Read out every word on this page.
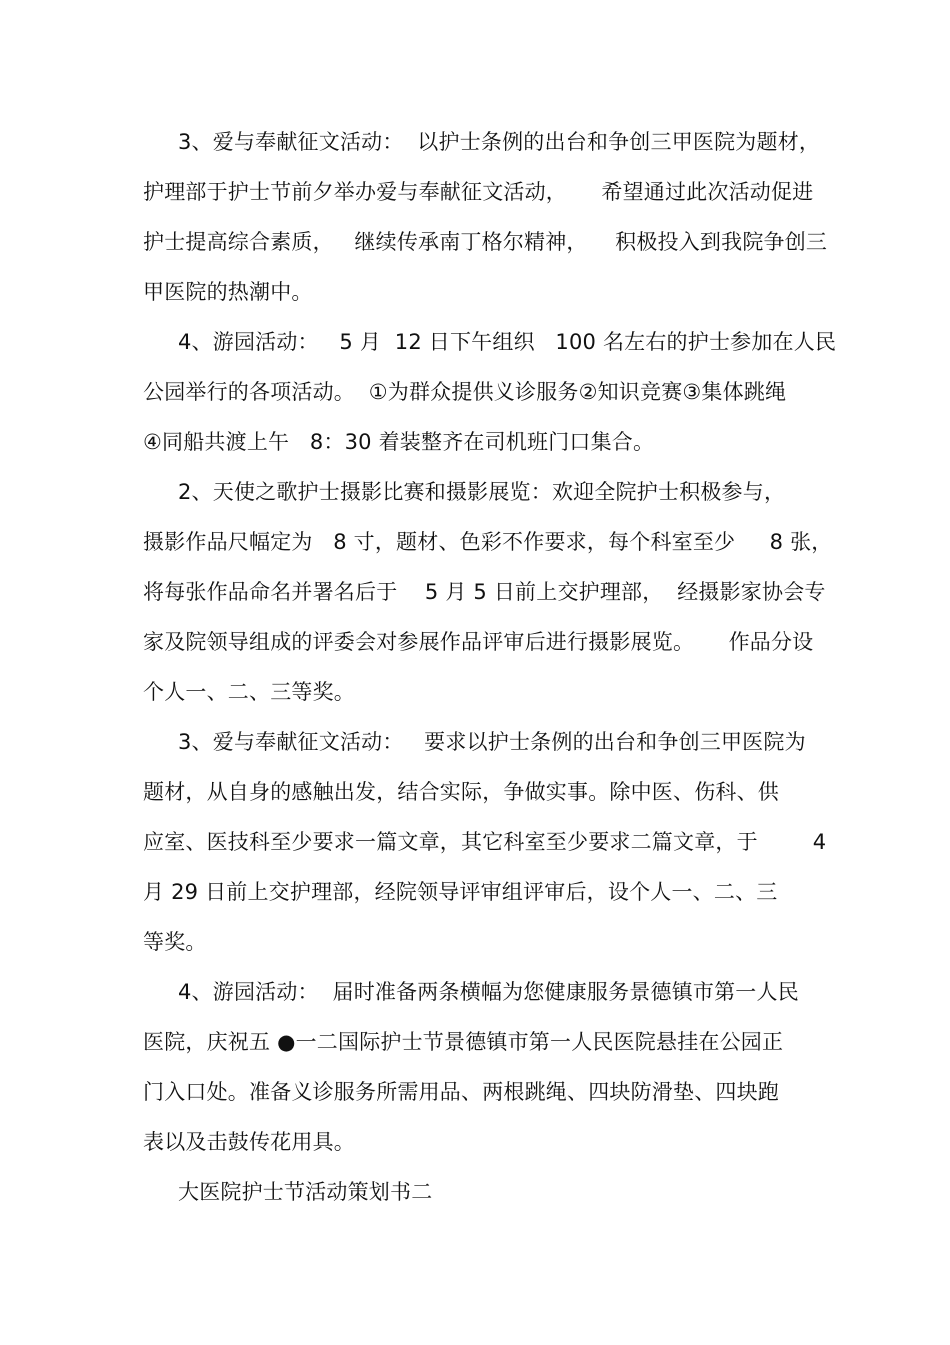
3、爱与奉献征文活动：  以护士条例的出台和争创三甲医院为题材，
护理部于护士节前夕举办爱与奉献征文活动，     希望通过此次活动促进
护士提高综合素质，   继续传承南丁格尔精神，    积极投入到我院争创三
甲医院的热潮中。
4、游园活动：   5 月  12 日下午组织   100 名左右的护士参加在人民
公园举行的各项活动。  ①为群众提供义诊服务②知识竞赛③集体跳绳
④同船共渡上午   8：30 着装整齐在司机班门口集合。
2、天使之歌护士摄影比赛和摄影展览：欢迎全院护士积极参与，
摄影作品尺幅定为   8 寸，题材、色彩不作要求，每个科室至少     8 张，
将每张作品命名并署名后于    5 月 5 日前上交护理部，  经摄影家协会专
家及院领导组成的评委会对参展作品评审后进行摄影展览。     作品分设
个人一、二、三等奖。
3、爱与奉献征文活动：   要求以护士条例的出台和争创三甲医院为
题材，从自身的感触出发，结合实际，争做实事。除中医、伤科、供
应室、医技科至少要求一篇文章，其它科室至少要求二篇文章，于        4
月 29 日前上交护理部，经院领导评审组评审后，设个人一、二、三
等奖。
4、游园活动：  届时准备两条横幅为您健康服务景德镇市第一人民
医院，庆祝五 ●一二国际护士节景德镇市第一人民医院悬挂在公园正
门入口处。准备义诊服务所需用品、两根跳绳、四块防滑垫、四块跑
表以及击鼓传花用具。
大医院护士节活动策划书二
